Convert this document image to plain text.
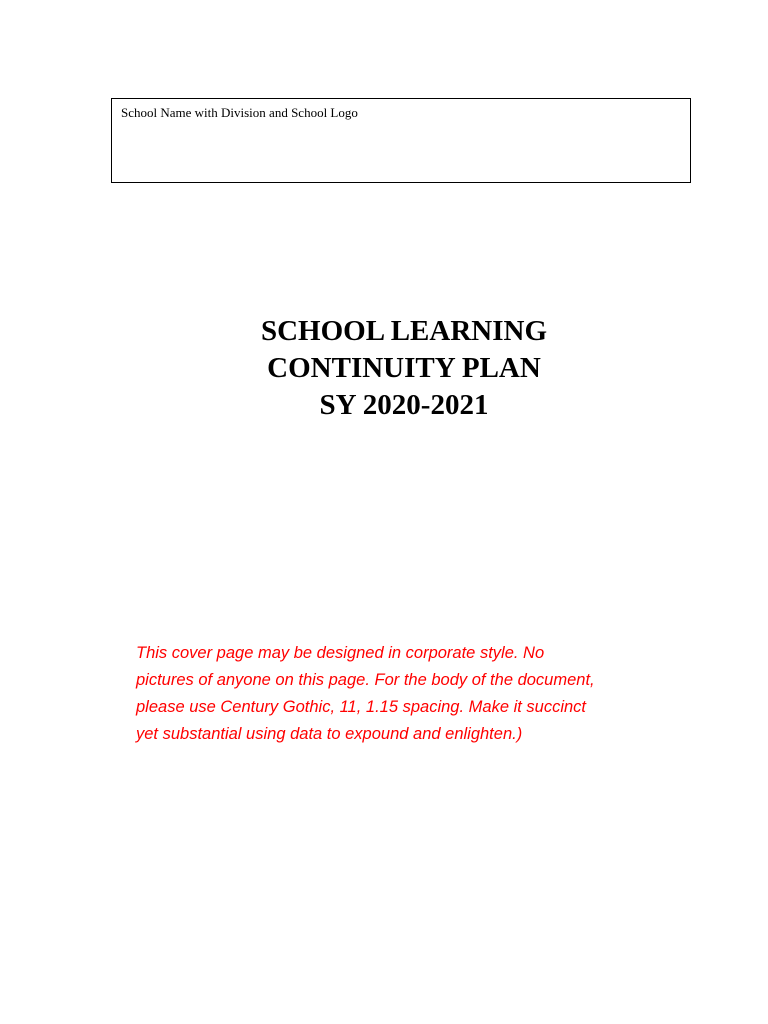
School Name with Division and School Logo
SCHOOL LEARNING
CONTINUITY PLAN
SY 2020-2021
This cover page may be designed in corporate style. No
pictures of anyone on this page. For the body of the document,
please use Century Gothic, 11, 1.15 spacing. Make it succinct
yet substantial using data to expound and enlighten.)
